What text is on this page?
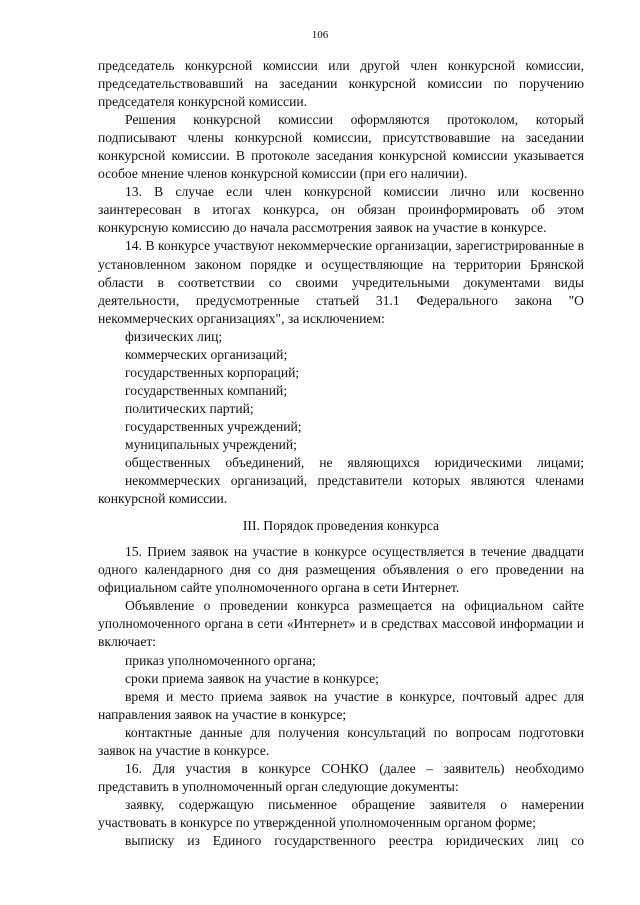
106

председатель конкурсной комиссии или другой член конкурсной комиссии, председательствовавший на заседании конкурсной комиссии по поручению председателя конкурсной комиссии.

Решения конкурсной комиссии оформляются протоколом, который подписывают члены конкурсной комиссии, присутствовавшие на заседании конкурсной комиссии. В протоколе заседания конкурсной комиссии указывается особое мнение членов конкурсной комиссии (при его наличии).

13. В случае если член конкурсной комиссии лично или косвенно заинтересован в итогах конкурса, он обязан проинформировать об этом конкурсную комиссию до начала рассмотрения заявок на участие в конкурсе.

14. В конкурсе участвуют некоммерческие организации, зарегистрированные в установленном законом порядке и осуществляющие на территории Брянской области в соответствии со своими учредительными документами виды деятельности, предусмотренные статьей 31.1 Федерального закона "О некоммерческих организациях", за исключением:

физических лиц;

коммерческих организаций;

государственных корпораций;

государственных компаний;

политических партий;

государственных учреждений;

муниципальных учреждений;

общественных объединений, не являющихся юридическими лицами;

некоммерческих организаций, представители которых являются членами конкурсной комиссии.

III. Порядок проведения конкурса

15. Прием заявок на участие в конкурсе осуществляется в течение двадцати одного календарного дня со дня размещения объявления о его проведении на официальном сайте уполномоченного органа в сети Интернет.

Объявление о проведении конкурса размещается на официальном сайте уполномоченного органа в сети «Интернет» и в средствах массовой информации и включает:

приказ уполномоченного органа;

сроки приема заявок на участие в конкурсе;

время и место приема заявок на участие в конкурсе, почтовый адрес для направления заявок на участие в конкурсе;

контактные данные для получения консультаций по вопросам подготовки заявок на участие в конкурсе.

16. Для участия в конкурсе СОНКО (далее – заявитель) необходимо представить в уполномоченный орган следующие документы:

заявку, содержащую письменное обращение заявителя о намерении участвовать в конкурсе по утвержденной уполномоченным органом форме;

выписку из Единого государственного реестра юридических лиц со
